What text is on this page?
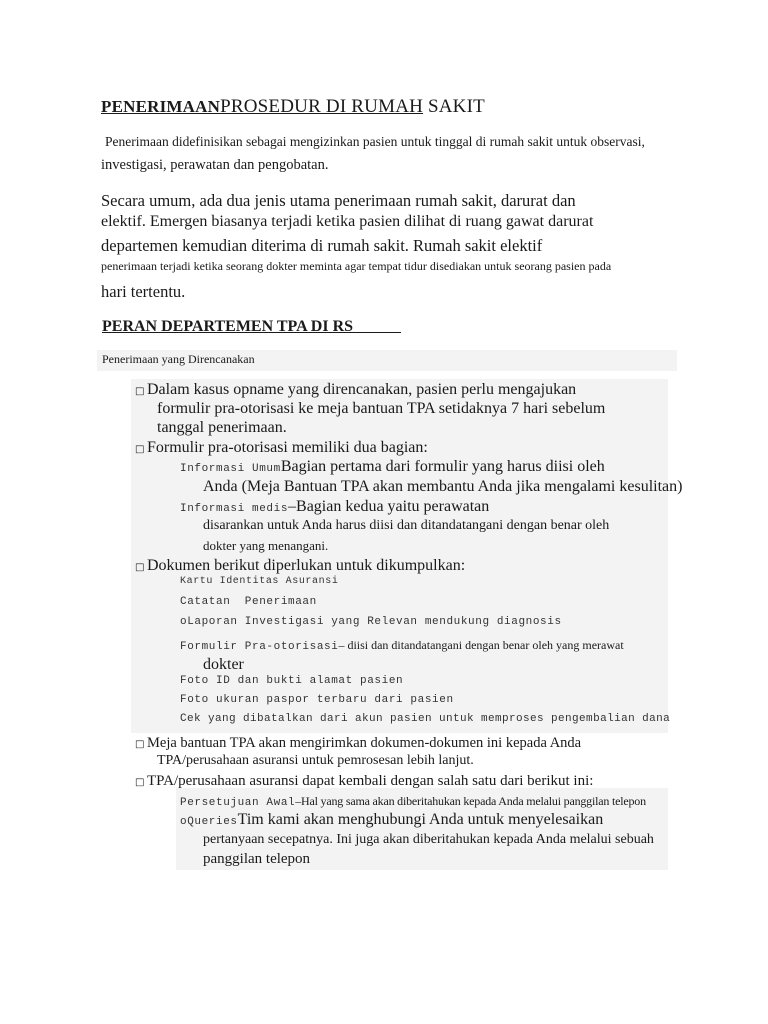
PENERIMAANPROSEDUR DI RUMAH SAKIT
Penerimaan didefinisikan sebagai mengizinkan pasien untuk tinggal di rumah sakit untuk observasi,
investigasi, perawatan dan pengobatan.
Secara umum, ada dua jenis utama penerimaan rumah sakit, darurat dan
elektif. Emergen biasanya terjadi ketika pasien dilihat di ruang gawat darurat
departemen kemudian diterima di rumah sakit. Rumah sakit elektif
penerimaan terjadi ketika seorang dokter meminta agar tempat tidur disediakan untuk seorang pasien pada
hari tertentu.
PERAN DEPARTEMEN TPA DI RS
Penerimaan yang Direncanakan
□ Dalam kasus opname yang direncanakan, pasien perlu mengajukan
formulir pra-otorisasi ke meja bantuan TPA setidaknya 7 hari sebelum
tanggal penerimaan.
□ Formulir pra-otorisasi memiliki dua bagian:
Informasi UmumBagian pertama dari formulir yang harus diisi oleh
Anda (Meja Bantuan TPA akan membantu Anda jika mengalami kesulitan)
Informasi medis–Bagian kedua yaitu perawatan
disarankan untuk Anda harus diisi dan ditandatangani dengan benar oleh
dokter yang menangani.
□ Dokumen berikut diperlukan untuk dikumpulkan:
Kartu Identitas Asuransi
Catatan  Penerimaan
oLaporan Investigasi yang Relevan mendukung diagnosis
Formulir Pra-otorisasi– diisi dan ditandatangani dengan benar oleh yang merawat
dokter
Foto ID dan bukti alamat pasien
Foto ukuran paspor terbaru dari pasien
Cek yang dibatalkan dari akun pasien untuk memproses pengembalian dana
□ Meja bantuan TPA akan mengirimkan dokumen-dokumen ini kepada Anda
TPA/perusahaan asuransi untuk pemrosesan lebih lanjut.
□ TPA/perusahaan asuransi dapat kembali dengan salah satu dari berikut ini:
Persetujuan Awal–Hal yang sama akan diberitahukan kepada Anda melalui panggilan telepon
oQueriesTim kami akan menghubungi Anda untuk menyelesaikan
pertanyaan secepatnya. Ini juga akan diberitahukan kepada Anda melalui sebuah
panggilan telepon
